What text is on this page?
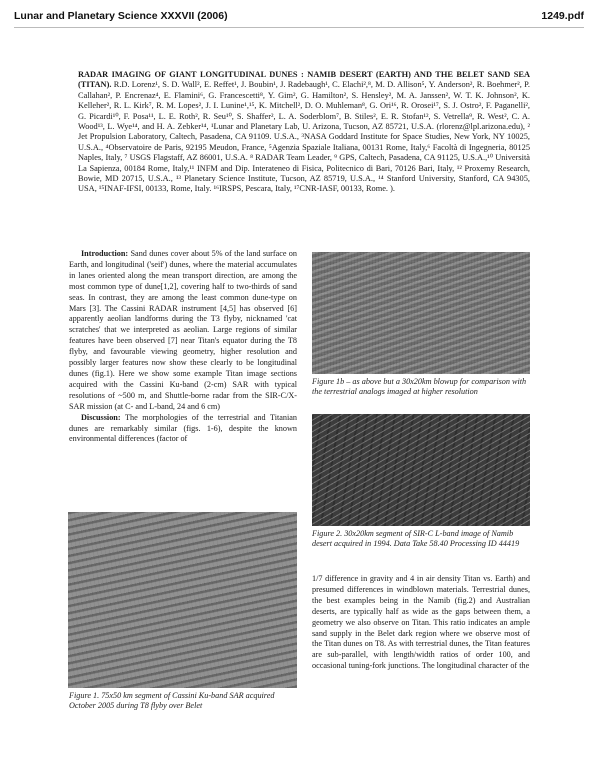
Lunar and Planetary Science XXXVII (2006)	1249.pdf
RADAR IMAGING OF GIANT LONGITUDINAL DUNES : NAMIB DESERT (EARTH) AND THE BELET SAND SEA (TITAN). R.D. Lorenz¹, S. D. Wall², E. Reffet¹, J. Boubin¹, J. Radebaugh¹, C. Elachi²,⁸, M. D. Allison⁵, Y. Anderson², R. Boehmer², P. Callahan², P. Encrenaz⁴, E. Flamini⁶, G. Francescetti⁸, Y. Gim², G. Hamilton², S. Hensley², M. A. Janssen², W. T. K. Johnson², K. Kelleher², R. L. Kirk⁷, R. M. Lopes², J. I. Lunine¹,¹⁵, K. Mitchell², D. O. Muhleman⁸, G. Ori¹⁶, R. Orosei¹⁷, S. J. Ostro², F. Paganelli², G. Picardi¹⁰, F. Posa¹¹, L. E. Roth², R. Seu¹⁰, S. Shaffer², L. A. Soderblom⁷, B. Stiles², E. R. Stofan¹², S. Vetrella⁹, R. West², C. A. Wood¹³, L. Wye¹⁴, and H. A. Zebker¹⁴, ¹Lunar and Planetary Lab, U. Arizona, Tucson, AZ 85721, U.S.A. (rlorenz@lpl.arizona.edu), ² Jet Propulsion Laboratory, Caltech, Pasadena, CA 91109. U.S.A., ³NASA Goddard Institute for Space Studies, New York, NY 10025, U.S.A., ⁴Observatoire de Paris, 92195 Meudon, France, ⁵Agenzia Spaziale Italiana, 00131 Rome, Italy,⁶ Facoltà di Ingegneria, 80125 Naples, Italy, ⁷ USGS Flagstaff, AZ 86001, U.S.A. ⁸ RADAR Team Leader, ⁹ GPS, Caltech, Pasadena, CA 91125, U.S.A.,¹⁰ Università La Sapienza, 00184 Rome, Italy,¹¹ INFM and Dip. Interateneo di Fisica, Politecnico di Bari, 70126 Bari, Italy, ¹² Proxemy Research, Bowie, MD 20715, U.S.A., ¹³ Planetary Science Institute, Tucson, AZ 85719, U.S.A., ¹⁴ Stanford University, Stanford, CA 94305, USA, ¹⁵INAF-IFSI, 00133, Rome, Italy. ¹⁶IRSPS, Pescara, Italy, ¹⁷CNR-IASF, 00133, Rome. ).
Introduction: Sand dunes cover about 5% of the land surface on Earth, and longitudinal ('seif') dunes, where the material accumulates in lanes oriented along the mean transport direction, are among the most common type of dune[1,2], covering half to two-thirds of sand seas. In contrast, they are among the least common dune-type on Mars [3]. The Cassini RADAR instrument [4,5] has observed [6] apparently aeolian landforms during the T3 flyby, nicknamed 'cat scratches' that we interpreted as aeolian. Large regions of similar features have been observed [7] near Titan's equator during the T8 flyby, and favourable viewing geometry, higher resolution and possibly larger features now show these clearly to be longitudinal dunes (fig.1). Here we show some example Titan image sections acquired with the Cassini Ku-band (2-cm) SAR with typical resolutions of ~500 m, and Shuttle-borne radar from the SIR-C/X-SAR mission (at C- and L-band, 24 and 6 cm)
Discussion: The morphologies of the terrestrial and Titanian dunes are remarkably similar (figs. 1-6), despite the known environmental differences (factor of
Figure 1b – as above but a 30x20km blowup for comparison with the terrestrial analogs imaged at higher resolution
Figure 2. 30x20km segment of SIR-C L-band image of Namib desert acquired in 1994. Data Take 58.40 Processing ID 44419
Figure 1. 75x50 km segment of Cassini Ku-band SAR acquired October 2005 during T8 flyby over Belet
1/7 difference in gravity and 4 in air density Titan vs. Earth) and presumed differences in windblown materials. Terrestrial dunes, the best examples being in the Namib (fig.2) and Australian deserts, are typically half as wide as the gaps between them, a geometry we also observe on Titan. This ratio indicates an ample sand supply in the Belet dark region where we observe most of the Titan dunes on T8. As with terrestrial dunes, the Titan features are sub-parallel, with length/width ratios of order 100, and occasional tuning-fork junctions. The longitudinal character of the
